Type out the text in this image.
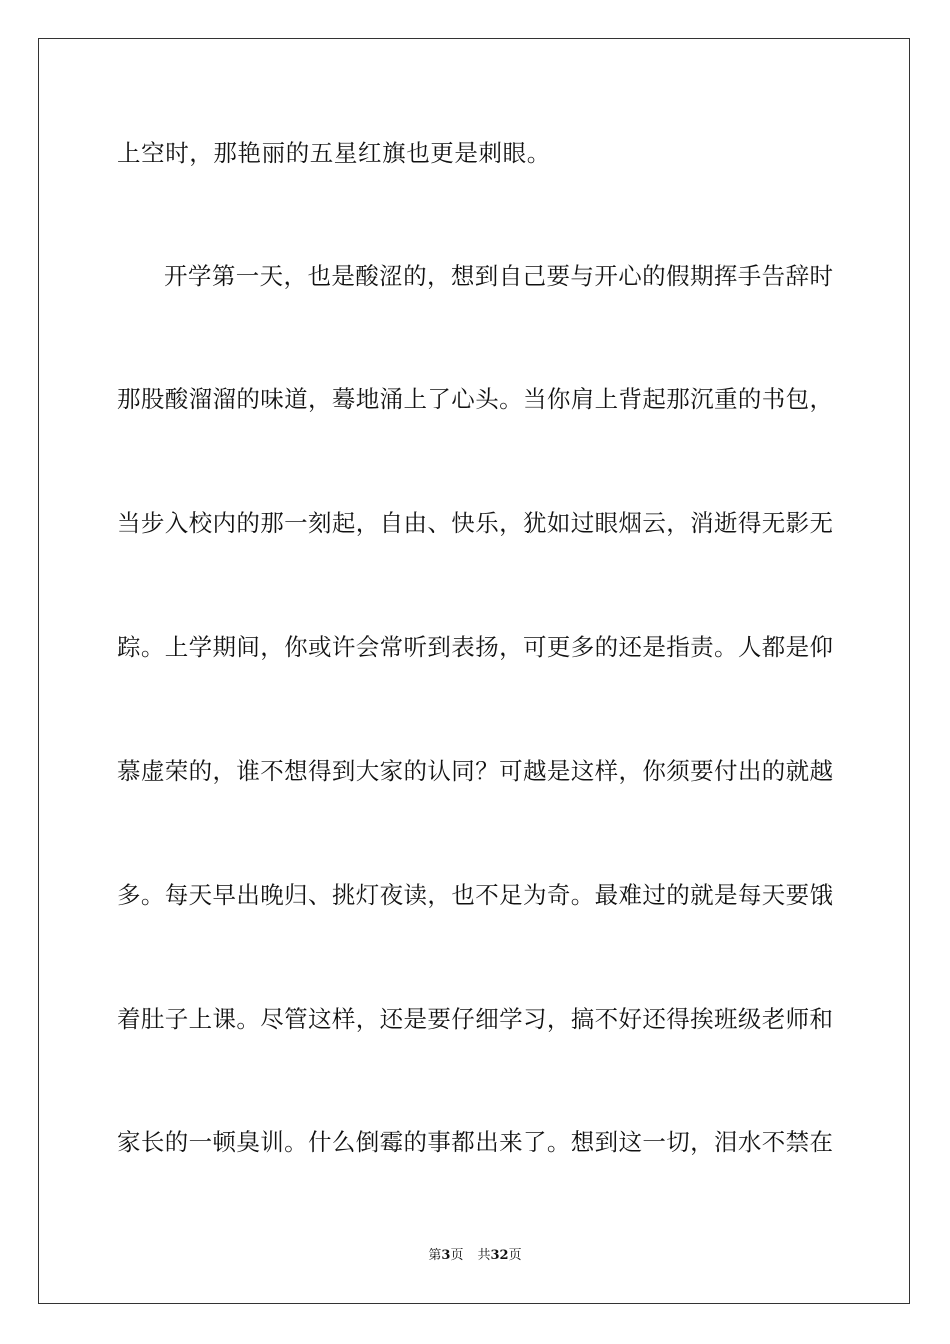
上空时，那艳丽的五星红旗也更是刺眼。
开学第一天，也是酸涩的，想到自己要与开心的假期挥手告辞时
那股酸溜溜的味道，蓦地涌上了心头。当你肩上背起那沉重的书包，
当步入校内的那一刻起，自由、快乐，犹如过眼烟云，消逝得无影无
踪。上学期间，你或许会常听到表扬，可更多的还是指责。人都是仰
慕虚荣的，谁不想得到大家的认同？可越是这样，你须要付出的就越
多。每天早出晚归、挑灯夜读，也不足为奇。最难过的就是每天要饿
着肚子上课。尽管这样，还是要仔细学习，搞不好还得挨班级老师和
家长的一顿臭训。什么倒霉的事都出来了。想到这一切，泪水不禁在
第3页 共32页
